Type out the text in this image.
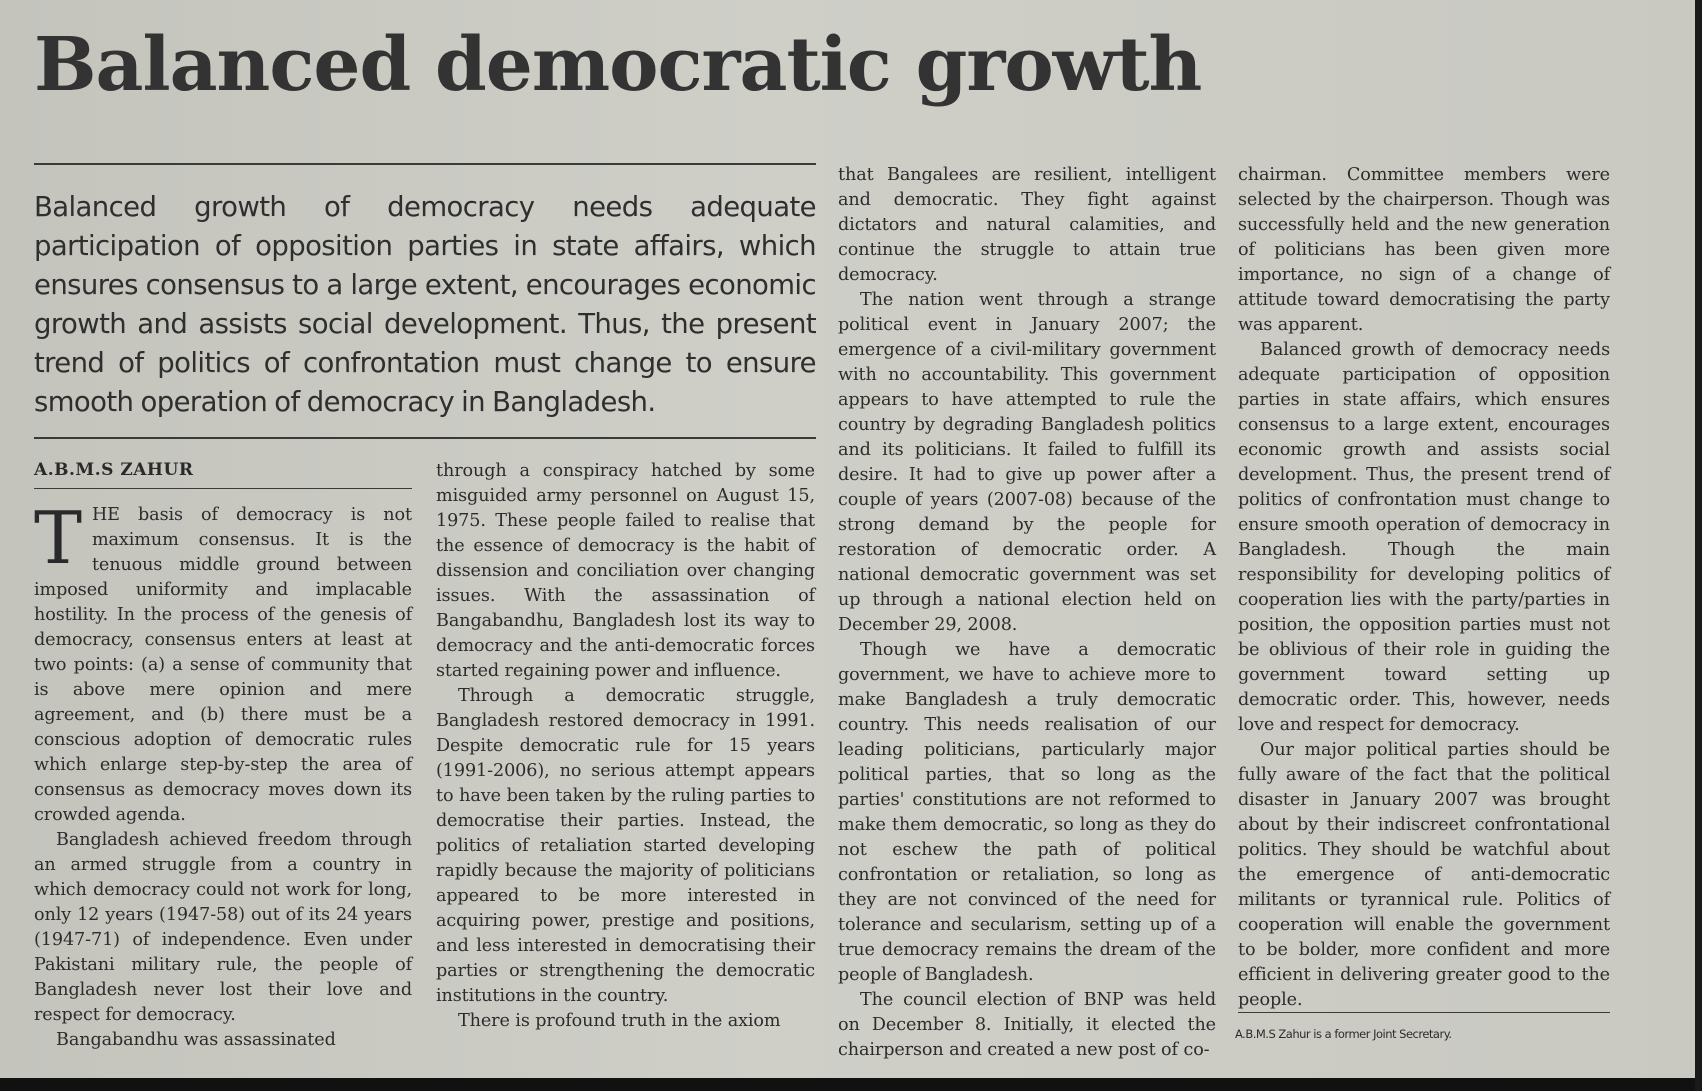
Balanced democratic growth

Balanced growth of democracy needs adequate participation of opposition parties in state affairs, which ensures consensus to a large extent, encourages economic growth and assists social development. Thus, the present trend of politics of confrontation must change to ensure smooth operation of democracy in Bangladesh.

A.B.M.S ZAHUR

THE basis of democracy is not maximum consensus. It is the tenuous middle ground between imposed uniformity and implacable hostility. In the process of the genesis of democracy, consensus enters at least at two points: (a) a sense of community that is above mere opinion and mere agreement, and (b) there must be a conscious adoption of democratic rules which enlarge step-by-step the area of consensus as democracy moves down its crowded agenda.

Bangladesh achieved freedom through an armed struggle from a country in which democracy could not work for long, only 12 years (1947-58) out of its 24 years (1947-71) of independence. Even under Pakistani military rule, the people of Bangladesh never lost their love and respect for democracy.

Bangabandhu was assassinated

through a conspiracy hatched by some misguided army personnel on August 15, 1975. These people failed to realise that the essence of democracy is the habit of dissension and conciliation over changing issues. With the assassination of Bangabandhu, Bangladesh lost its way to democracy and the anti-democratic forces started regaining power and influence.

Through a democratic struggle, Bangladesh restored democracy in 1991. Despite democratic rule for 15 years (1991-2006), no serious attempt appears to have been taken by the ruling parties to democratise their parties. Instead, the politics of retaliation started developing rapidly because the majority of politicians appeared to be more interested in acquiring power, prestige and positions, and less interested in democratising their parties or strengthening the democratic institutions in the country.

There is profound truth in the axiom

that Bangalees are resilient, intelligent and democratic. They fight against dictators and natural calamities, and continue the struggle to attain true democracy.

The nation went through a strange political event in January 2007; the emergence of a civil-military government with no accountability. This government appears to have attempted to rule the country by degrading Bangladesh politics and its politicians. It failed to fulfill its desire. It had to give up power after a couple of years (2007-08) because of the strong demand by the people for restoration of democratic order. A national democratic government was set up through a national election held on December 29, 2008.

Though we have a democratic government, we have to achieve more to make Bangladesh a truly democratic country. This needs realisation of our leading politicians, particularly major political parties, that so long as the parties' constitutions are not reformed to make them democratic, so long as they do not eschew the path of political confrontation or retaliation, so long as they are not convinced of the need for tolerance and secularism, setting up of a true democracy remains the dream of the people of Bangladesh.

The council election of BNP was held on December 8. Initially, it elected the chairperson and created a new post of co-

chairman. Committee members were selected by the chairperson. Though was successfully held and the new generation of politicians has been given more importance, no sign of a change of attitude toward democratising the party was apparent.

Balanced growth of democracy needs adequate participation of opposition parties in state affairs, which ensures consensus to a large extent, encourages economic growth and assists social development. Thus, the present trend of politics of confrontation must change to ensure smooth operation of democracy in Bangladesh. Though the main responsibility for developing politics of cooperation lies with the party/parties in position, the opposition parties must not be oblivious of their role in guiding the government toward setting up democratic order. This, however, needs love and respect for democracy.

Our major political parties should be fully aware of the fact that the political disaster in January 2007 was brought about by their indiscreet confrontational politics. They should be watchful about the emergence of anti-democratic militants or tyrannical rule. Politics of cooperation will enable the government to be bolder, more confident and more efficient in delivering greater good to the people.

A.B.M.S Zahur is a former Joint Secretary.
